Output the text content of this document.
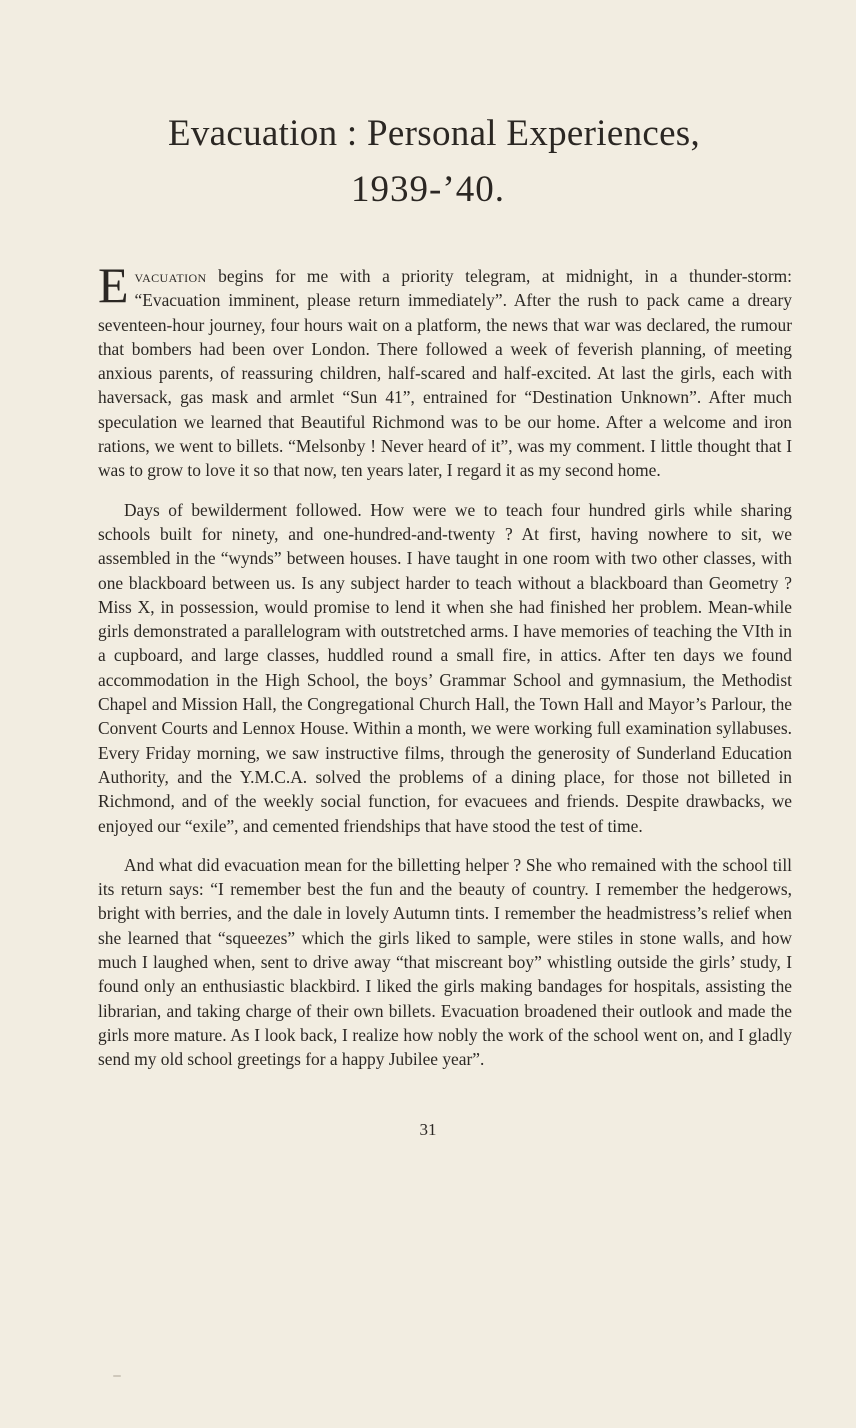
Evacuation : Personal Experiences,
1939-’40.

Evacuation begins for me with a priority telegram, at midnight, in a thunder-storm: “Evacuation imminent, please return immediately”. After the rush to pack came a dreary seventeen-hour journey, four hours wait on a platform, the news that war was declared, the rumour that bombers had been over London. There followed a week of feverish planning, of meeting anxious parents, of reassuring children, half-scared and half-excited. At last the girls, each with haversack, gas mask and armlet “Sun 41”, entrained for “Destination Unknown”. After much speculation we learned that Beautiful Richmond was to be our home. After a welcome and iron rations, we went to billets. “Melsonby ! Never heard of it”, was my comment. I little thought that I was to grow to love it so that now, ten years later, I regard it as my second home.

Days of bewilderment followed. How were we to teach four hundred girls while sharing schools built for ninety, and one-hundred-and-twenty ? At first, having nowhere to sit, we assembled in the “wynds” between houses. I have taught in one room with two other classes, with one blackboard between us. Is any subject harder to teach without a blackboard than Geometry ? Miss X, in possession, would promise to lend it when she had finished her problem. Mean-while girls demonstrated a parallelogram with outstretched arms. I have memories of teaching the VIth in a cupboard, and large classes, huddled round a small fire, in attics. After ten days we found accommodation in the High School, the boys’ Grammar School and gymnasium, the Methodist Chapel and Mission Hall, the Congregational Church Hall, the Town Hall and Mayor’s Parlour, the Convent Courts and Lennox House. Within a month, we were working full examination syllabuses. Every Friday morning, we saw instructive films, through the generosity of Sunderland Education Authority, and the Y.M.C.A. solved the problems of a dining place, for those not billeted in Richmond, and of the weekly social function, for evacuees and friends. Despite drawbacks, we enjoyed our “exile”, and cemented friendships that have stood the test of time.

And what did evacuation mean for the billetting helper ? She who remained with the school till its return says: “I remember best the fun and the beauty of country. I remember the hedgerows, bright with berries, and the dale in lovely Autumn tints. I remember the headmistress’s relief when she learned that “squeezes” which the girls liked to sample, were stiles in stone walls, and how much I laughed when, sent to drive away “that miscreant boy” whistling outside the girls’ study, I found only an enthusiastic blackbird. I liked the girls making bandages for hospitals, assisting the librarian, and taking charge of their own billets. Evacuation broadened their outlook and made the girls more mature. As I look back, I realize how nobly the work of the school went on, and I gladly send my old school greetings for a happy Jubilee year”.

31
